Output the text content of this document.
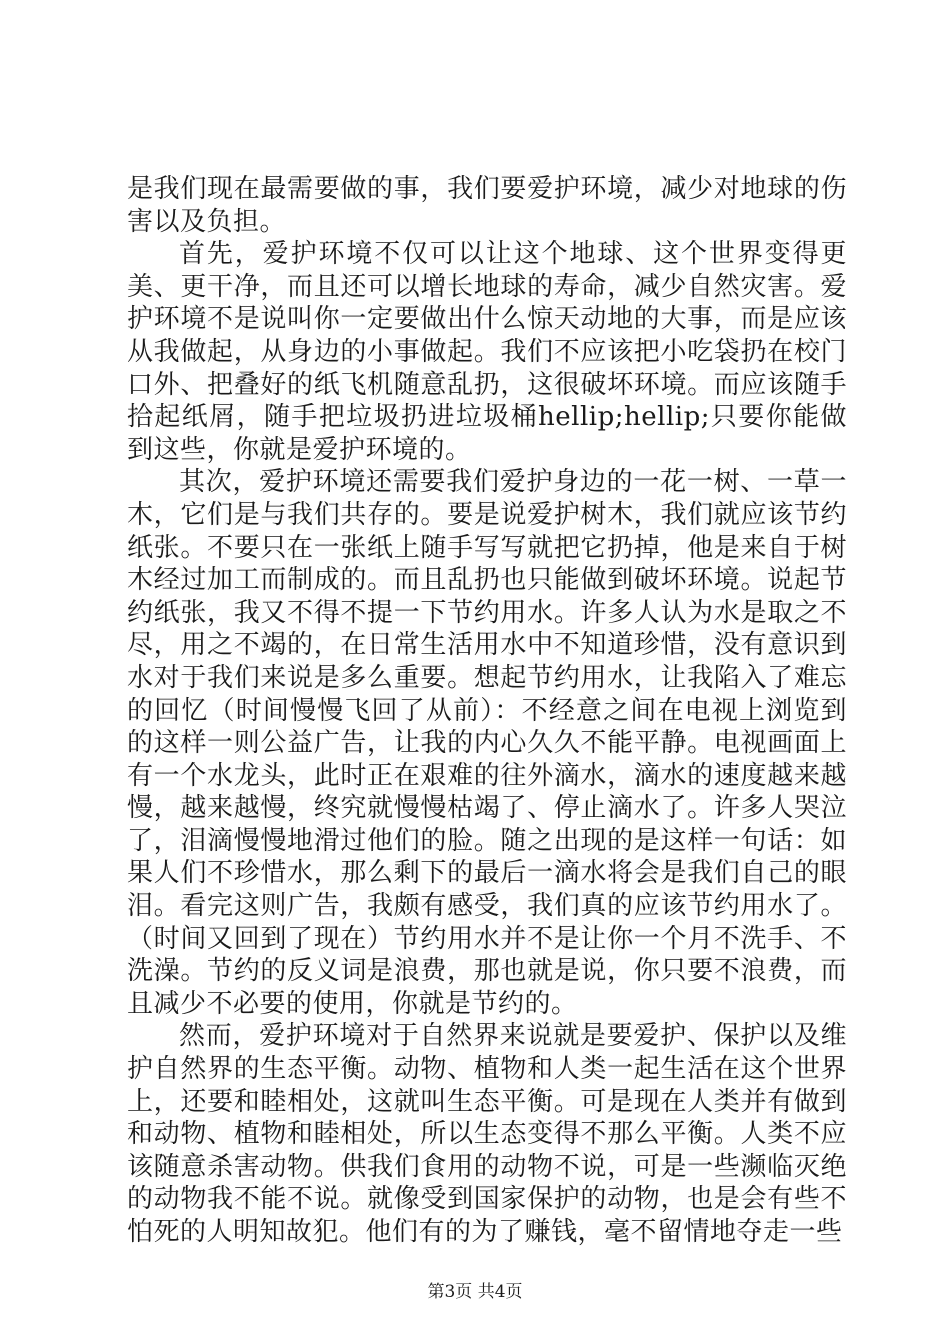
是我们现在最需要做的事，我们要爱护环境，减少对地球的伤害以及负担。

首先，爱护环境不仅可以让这个地球、这个世界变得更美、更干净，而且还可以增长地球的寿命，减少自然灾害。爱护环境不是说叫你一定要做出什么惊天动地的大事，而是应该从我做起，从身边的小事做起。我们不应该把小吃袋扔在校门口外、把叠好的纸飞机随意乱扔，这很破坏环境。而应该随手拾起纸屑，随手把垃圾扔进垃圾桶hellip;hellip;只要你能做到这些，你就是爱护环境的。

其次，爱护环境还需要我们爱护身边的一花一树、一草一木，它们是与我们共存的。要是说爱护树木，我们就应该节约纸张。不要只在一张纸上随手写写就把它扔掉，他是来自于树木经过加工而制成的。而且乱扔也只能做到破坏环境。说起节约纸张，我又不得不提一下节约用水。许多人认为水是取之不尽，用之不竭的，在日常生活用水中不知道珍惜，没有意识到水对于我们来说是多么重要。想起节约用水，让我陷入了难忘的回忆（时间慢慢飞回了从前）：不经意之间在电视上浏览到的这样一则公益广告，让我的内心久久不能平静。电视画面上有一个水龙头，此时正在艰难的往外滴水，滴水的速度越来越慢，越来越慢，终究就慢慢枯竭了、停止滴水了。许多人哭泣了，泪滴慢慢地滑过他们的脸。随之出现的是这样一句话：如果人们不珍惜水，那么剩下的最后一滴水将会是我们自己的眼泪。看完这则广告，我颇有感受，我们真的应该节约用水了。（时间又回到了现在）节约用水并不是让你一个月不洗手、不洗澡。节约的反义词是浪费，那也就是说，你只要不浪费，而且减少不必要的使用，你就是节约的。

然而，爱护环境对于自然界来说就是要爱护、保护以及维护自然界的生态平衡。动物、植物和人类一起生活在这个世界上，还要和睦相处，这就叫生态平衡。可是现在人类并有做到和动物、植物和睦相处，所以生态变得不那么平衡。人类不应该随意杀害动物。供我们食用的动物不说，可是一些濒临灭绝的动物我不能不说。就像受到国家保护的动物，也是会有些不怕死的人明知故犯。他们有的为了赚钱，毫不留情地夺走一些

第3页 共4页
